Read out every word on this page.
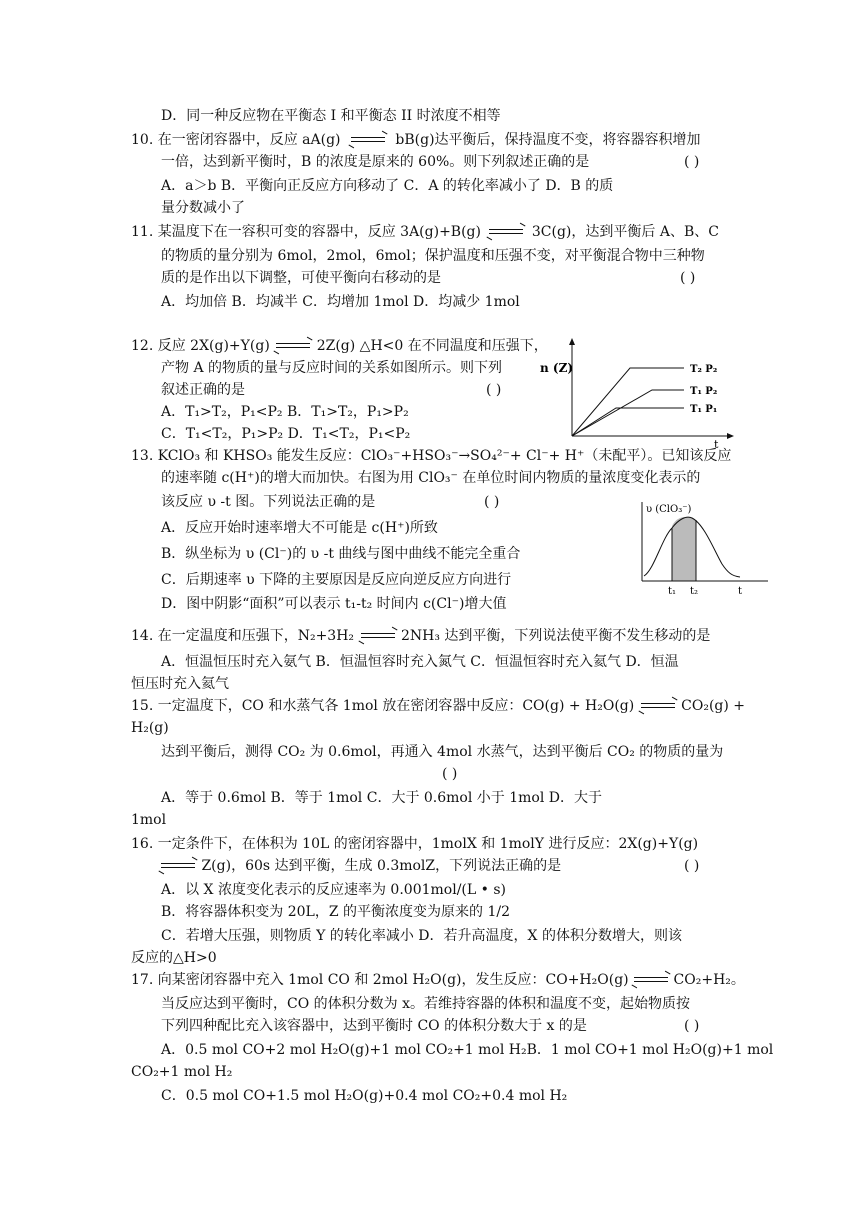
D．同一种反应物在平衡态 I 和平衡态 II 时浓度不相等
10. 在一密闭容器中，反应 aA(g) → bB(g)达平衡后，保持温度不变，将容器容积增加
一倍，达到新平衡时，B 的浓度是原来的 60%。则下列叙述正确的是	( )
A．a＞b B．平衡向正反应方向移动了 C．A 的转化率减小了 D．B 的质
量分数减小了
11. 某温度下在一容积可变的容器中，反应 3A(g)+B(g) → 3C(g)，达到平衡后 A、B、C
的物质的量分别为 6mol，2mol，6mol；保护温度和压强不变，对平衡混合物中三种物
质的是作出以下调整，可使平衡向右移动的是	( )
A．均加倍 B．均减半 C．均增加 1mol D．均减少 1mol
12. 反应 2X(g)+Y(g) → 2Z(g) △H<0 在不同温度和压强下，
产物 A 的物质的量与反应时间的关系如图所示。则下列
叙述正确的是	( )
A．T₁>T₂，P₁<P₂ B．T₁>T₂，P₁>P₂
C．T₁<T₂，P₁>P₂ D．T₁<T₂，P₁<P₂
n (Z)
t
T₂ P₂
T₁ P₂
T₁ P₁
13. KClO₃ 和 KHSO₃ 能发生反应：ClO₃⁻+HSO₃⁻→SO₄²⁻+ Cl⁻+ H⁺（未配平）。已知该反应
的速率随 c(H⁺)的增大而加快。右图为用 ClO₃⁻ 在单位时间内物质的量浓度变化表示的
该反应 υ -t 图。下列说法正确的是	( )
A．反应开始时速率增大不可能是 c(H⁺)所致
B．纵坐标为 υ (Cl⁻)的 υ -t 曲线与图中曲线不能完全重合
C．后期速率 υ 下降的主要原因是反应向逆反应方向进行
D．图中阴影“面积”可以表示 t₁-t₂ 时间内 c(Cl⁻)增大值
υ (ClO₃⁻)
t₁ t₂	t
14. 在一定温度和压强下，N₂+3H₂ → 2NH₃ 达到平衡，下列说法使平衡不发生移动的是
A．恒温恒压时充入氨气 B．恒温恒容时充入氮气 C．恒温恒容时充入氦气 D．恒温
恒压时充入氦气
15. 一定温度下，CO 和水蒸气各 1mol 放在密闭容器中反应：CO(g) + H₂O(g) → CO₂(g) +
H₂(g)
达到平衡后，测得 CO₂ 为 0.6mol，再通入 4mol 水蒸气，达到平衡后 CO₂ 的物质的量为
( )
A．等于 0.6mol B．等于 1mol C．大于 0.6mol 小于 1mol D．大于
1mol
16. 一定条件下，在体积为 10L 的密闭容器中，1molX 和 1molY 进行反应：2X(g)+Y(g)
→ Z(g)，60s 达到平衡，生成 0.3molZ，下列说法正确的是	( )
A．以 X 浓度变化表示的反应速率为 0.001mol/(L • s)
B．将容器体积变为 20L，Z 的平衡浓度变为原来的 1/2
C．若增大压强，则物质 Y 的转化率减小 D．若升高温度，X 的体积分数增大，则该
反应的△H>0
17. 向某密闭容器中充入 1mol CO 和 2mol H₂O(g)，发生反应：CO+H₂O(g) → CO₂+H₂。
当反应达到平衡时，CO 的体积分数为 x。若维持容器的体积和温度不变，起始物质按
下列四种配比充入该容器中，达到平衡时 CO 的体积分数大于 x 的是	( )
A．0.5 mol CO+2 mol H₂O(g)+1 mol CO₂+1 mol H₂B．1 mol CO+1 mol H₂O(g)+1 mol
CO₂+1 mol H₂
C．0.5 mol CO+1.5 mol H₂O(g)+0.4 mol CO₂+0.4 mol H₂
